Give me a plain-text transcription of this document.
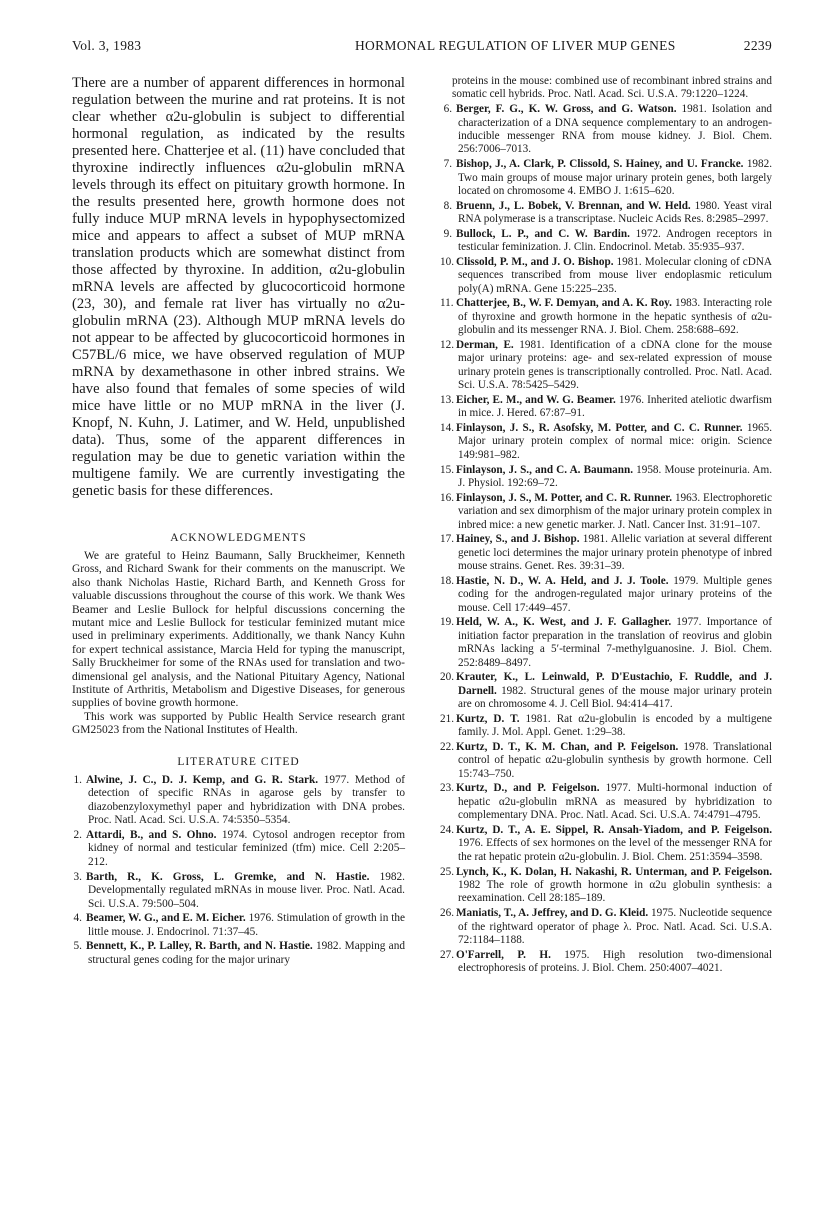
Vol. 3, 1983	HORMONAL REGULATION OF LIVER MUP GENES	2239

There are a number of apparent differences in hormonal regulation between the murine and rat proteins. It is not clear whether α2u-globulin is subject to differential hormonal regulation, as indicated by the results presented here. Chatterjee et al. (11) have concluded that thyroxine indirectly influences α2u-globulin mRNA levels through its effect on pituitary growth hormone. In the results presented here, growth hormone does not fully induce MUP mRNA levels in hypophysectomized mice and appears to affect a subset of MUP mRNA translation products which are somewhat distinct from those affected by thyroxine. In addition, α2u-globulin mRNA levels are affected by glucocorticoid hormone (23, 30), and female rat liver has virtually no α2u-globulin mRNA (23). Although MUP mRNA levels do not appear to be affected by glucocorticoid hormones in C57BL/6 mice, we have observed regulation of MUP mRNA by dexamethasone in other inbred strains. We have also found that females of some species of wild mice have little or no MUP mRNA in the liver (J. Knopf, N. Kuhn, J. Latimer, and W. Held, unpublished data). Thus, some of the apparent differences in regulation may be due to genetic variation within the multigene family. We are currently investigating the genetic basis for these differences.

ACKNOWLEDGMENTS

We are grateful to Heinz Baumann, Sally Bruckheimer, Kenneth Gross, and Richard Swank for their comments on the manuscript. We also thank Nicholas Hastie, Richard Barth, and Kenneth Gross for valuable discussions throughout the course of this work. We thank Wes Beamer and Leslie Bullock for helpful discussions concerning the mutant mice and Leslie Bullock for testicular feminized mutant mice used in preliminary experiments. Additionally, we thank Nancy Kuhn for expert technical assistance, Marcia Held for typing the manuscript, Sally Bruckheimer for some of the RNAs used for translation and two-dimensional gel analysis, and the National Pituitary Agency, National Institute of Arthritis, Metabolism and Digestive Diseases, for generous supplies of bovine growth hormone.

This work was supported by Public Health Service research grant GM25023 from the National Institutes of Health.

LITERATURE CITED

1. Alwine, J. C., D. J. Kemp, and G. R. Stark. 1977. Method of detection of specific RNAs in agarose gels by transfer to diazobenzyloxymethyl paper and hybridization with DNA probes. Proc. Natl. Acad. Sci. U.S.A. 74:5350–5354.

2. Attardi, B., and S. Ohno. 1974. Cytosol androgen receptor from kidney of normal and testicular feminized (tfm) mice. Cell 2:205–212.

3. Barth, R., K. Gross, L. Gremke, and N. Hastie. 1982. Developmentally regulated mRNAs in mouse liver. Proc. Natl. Acad. Sci. U.S.A. 79:500–504.

4. Beamer, W. G., and E. M. Eicher. 1976. Stimulation of growth in the little mouse. J. Endocrinol. 71:37–45.

5. Bennett, K., P. Lalley, R. Barth, and N. Hastie. 1982. Mapping and structural genes coding for the major urinary

proteins in the mouse: combined use of recombinant inbred strains and somatic cell hybrids. Proc. Natl. Acad. Sci. U.S.A. 79:1220–1224.

6. Berger, F. G., K. W. Gross, and G. Watson. 1981. Isolation and characterization of a DNA sequence complementary to an androgen-inducible messenger RNA from mouse kidney. J. Biol. Chem. 256:7006–7013.

7. Bishop, J., A. Clark, P. Clissold, S. Hainey, and U. Francke. 1982. Two main groups of mouse major urinary protein genes, both largely located on chromosome 4. EMBO J. 1:615–620.

8. Bruenn, J., L. Bobek, V. Brennan, and W. Held. 1980. Yeast viral RNA polymerase is a transcriptase. Nucleic Acids Res. 8:2985–2997.

9. Bullock, L. P., and C. W. Bardin. 1972. Androgen receptors in testicular feminization. J. Clin. Endocrinol. Metab. 35:935–937.

10. Clissold, P. M., and J. O. Bishop. 1981. Molecular cloning of cDNA sequences transcribed from mouse liver endoplasmic reticulum poly(A) mRNA. Gene 15:225–235.

11. Chatterjee, B., W. F. Demyan, and A. K. Roy. 1983. Interacting role of thyroxine and growth hormone in the hepatic synthesis of α2u-globulin and its messenger RNA. J. Biol. Chem. 258:688–692.

12. Derman, E. 1981. Identification of a cDNA clone for the mouse major urinary proteins: age- and sex-related expression of mouse urinary protein genes is transcriptionally controlled. Proc. Natl. Acad. Sci. U.S.A. 78:5425–5429.

13. Eicher, E. M., and W. G. Beamer. 1976. Inherited ateliotic dwarfism in mice. J. Hered. 67:87–91.

14. Finlayson, J. S., R. Asofsky, M. Potter, and C. C. Runner. 1965. Major urinary protein complex of normal mice: origin. Science 149:981–982.

15. Finlayson, J. S., and C. A. Baumann. 1958. Mouse proteinuria. Am. J. Physiol. 192:69–72.

16. Finlayson, J. S., M. Potter, and C. R. Runner. 1963. Electrophoretic variation and sex dimorphism of the major urinary protein complex in inbred mice: a new genetic marker. J. Natl. Cancer Inst. 31:91–107.

17. Hainey, S., and J. Bishop. 1981. Allelic variation at several different genetic loci determines the major urinary protein phenotype of inbred mouse strains. Genet. Res. 39:31–39.

18. Hastie, N. D., W. A. Held, and J. J. Toole. 1979. Multiple genes coding for the androgen-regulated major urinary proteins of the mouse. Cell 17:449–457.

19. Held, W. A., K. West, and J. F. Gallagher. 1977. Importance of initiation factor preparation in the translation of reovirus and globin mRNAs lacking a 5′-terminal 7-methylguanosine. J. Biol. Chem. 252:8489–8497.

20. Krauter, K., L. Leinwald, P. D'Eustachio, F. Ruddle, and J. Darnell. 1982. Structural genes of the mouse major urinary protein are on chromosome 4. J. Cell Biol. 94:414–417.

21. Kurtz, D. T. 1981. Rat α2u-globulin is encoded by a multigene family. J. Mol. Appl. Genet. 1:29–38.

22. Kurtz, D. T., K. M. Chan, and P. Feigelson. 1978. Translational control of hepatic α2u-globulin synthesis by growth hormone. Cell 15:743–750.

23. Kurtz, D., and P. Feigelson. 1977. Multi-hormonal induction of hepatic α2u-globulin mRNA as measured by hybridization to complementary DNA. Proc. Natl. Acad. Sci. U.S.A. 74:4791–4795.

24. Kurtz, D. T., A. E. Sippel, R. Ansah-Yiadom, and P. Feigelson. 1976. Effects of sex hormones on the level of the messenger RNA for the rat hepatic protein α2u-globulin. J. Biol. Chem. 251:3594–3598.

25. Lynch, K., K. Dolan, H. Nakashi, R. Unterman, and P. Feigelson. 1982 The role of growth hormone in α2u globulin synthesis: a reexamination. Cell 28:185–189.

26. Maniatis, T., A. Jeffrey, and D. G. Kleid. 1975. Nucleotide sequence of the rightward operator of phage λ. Proc. Natl. Acad. Sci. U.S.A. 72:1184–1188.

27. O'Farrell, P. H. 1975. High resolution two-dimensional electrophoresis of proteins. J. Biol. Chem. 250:4007–4021.
